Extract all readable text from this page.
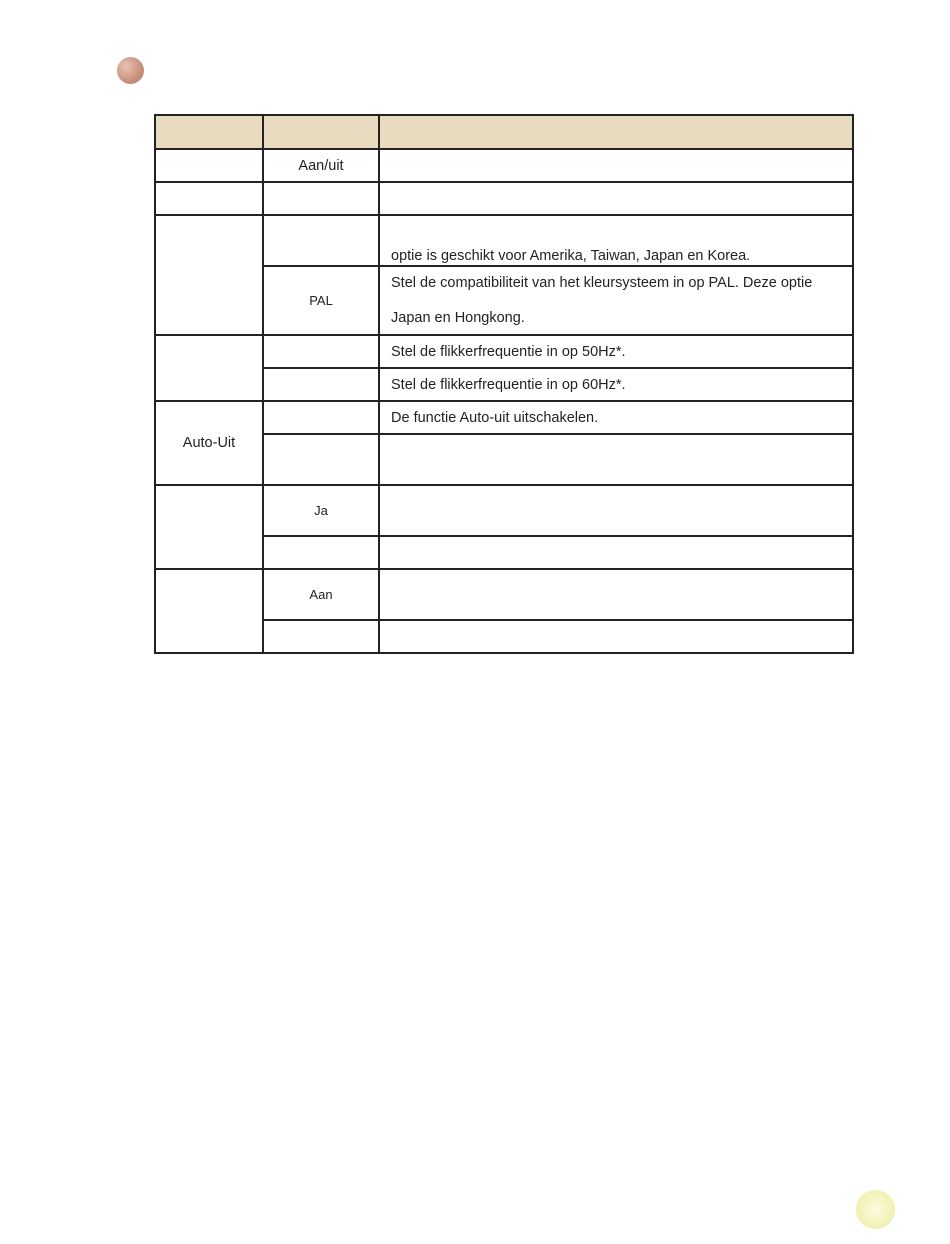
	Aan/uit	

		optie is geschikt voor Amerika, Taiwan, Japan en Korea.
	PAL	Stel de compatibiliteit van het kleursysteem in op PAL. Deze optie
Japan en Hongkong.

		Stel de flikkerfrequentie in op 50Hz*.
		Stel de flikkerfrequentie in op 60Hz*.
Auto-Uit		De functie Auto-uit uitschakelen.

	Ja	

	Aan	
